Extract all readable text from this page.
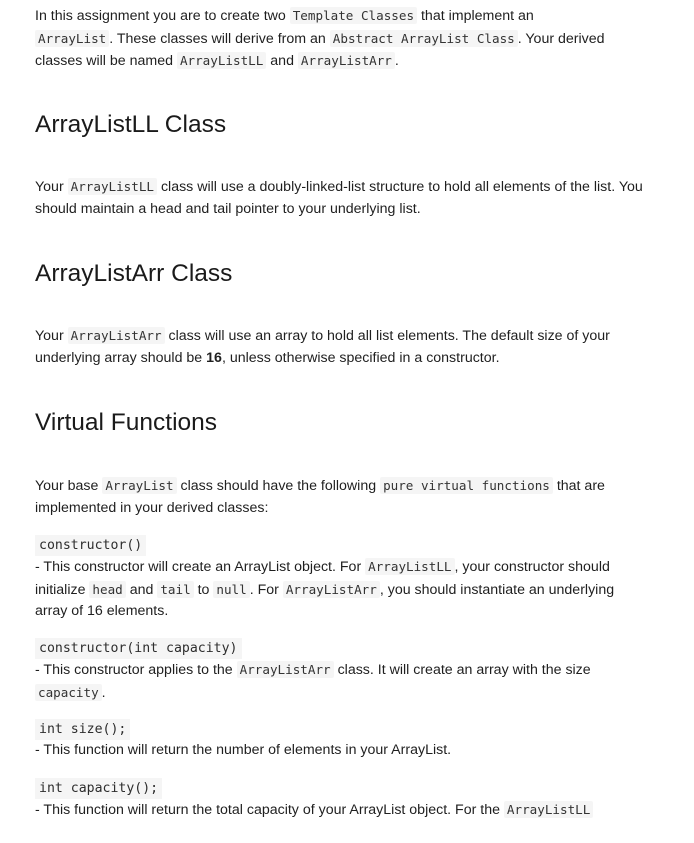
In this assignment you are to create two Template Classes that implement an
ArrayList . These classes will derive from an Abstract ArrayList Class . Your derived classes will be named ArrayListLL and ArrayListArr .

ArrayListLL Class

Your ArrayListLL class will use a doubly-linked-list structure to hold all elements of the list. You should maintain a head and tail pointer to your underlying list.

ArrayListArr Class

Your ArrayListArr class will use an array to hold all list elements. The default size of your underlying array should be 16, unless otherwise specified in a constructor.

Virtual Functions

Your base ArrayList class should have the following pure virtual functions that are implemented in your derived classes:

constructor()

- This constructor will create an ArrayList object. For ArrayListLL , your constructor should initialize head and tail to null . For ArrayListArr , you should instantiate an underlying array of 16 elements.

constructor(int capacity)

- This constructor applies to the ArrayListArr class. It will create an array with the size capacity .

int size();

- This function will return the number of elements in your ArrayList.

int capacity();

- This function will return the total capacity of your ArrayList object. For the ArrayListLL
